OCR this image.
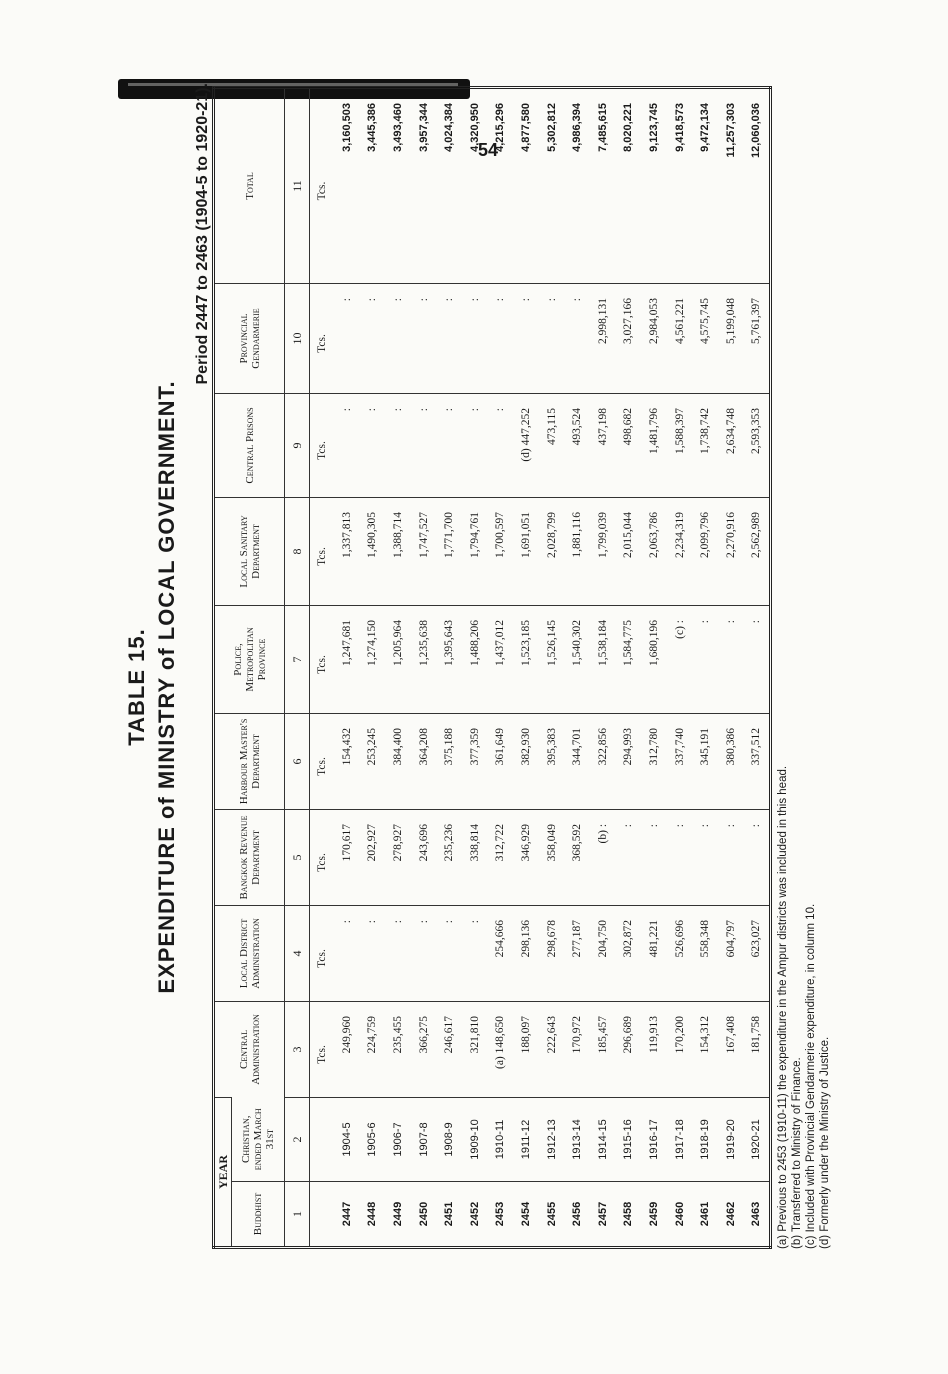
54
TABLE 15. EXPENDITURE of MINISTRY of LOCAL GOVERNMENT.
Period 2447 to 2463 (1904-5 to 1920-21).
YEAR		Central Administration	Local District Administration	Bangkok Revenue Department	Harbour Master's Department	Police, Metropolitan Province	Local Sanitary Department	Central Prisons	Provincial Gendarmerie	Total
Buddhist	Christian, ended March 31st									
1	2	3	4	5	6	7	8	9	10	11
		Tcs.	Tcs.	Tcs.	Tcs.	Tcs.	Tcs.	Tcs.	Tcs.	Tcs.
2447	1904-5	249,960	:	170,617	154,432	1,247,681	1,337,813	:	:	3,160,503
2448	1905-6	224,759	:	202,927	253,245	1,274,150	1,490,305	:	:	3,445,386
2449	1906-7	235,455	:	278,927	384,400	1,205,964	1,388,714	:	:	3,493,460
2450	1907-8	366,275	:	243,696	364,208	1,235,638	1,747,527	:	:	3,957,344
2451	1908-9	246,617	:	235,236	375,188	1,395,643	1,771,700	:	:	4,024,384
2452	1909-10	321,810	:	338,814	377,359	1,488,206	1,794,761	:	:	4,320,950
2453	1910-11	(a) 148,650	254,666	312,722	361,649	1,437,012	1,700,597	:	:	4,215,296
2454	1911-12	188,097	298,136	346,929	382,930	1,523,185	1,691,051	(d) 447,252	:	4,877,580
2455	1912-13	222,643	298,678	358,049	395,383	1,526,145	2,028,799	473,115	:	5,302,812
2456	1913-14	170,972	277,187	368,592	344,701	1,540,302	1,881,116	493,524	:	4,986,394
2457	1914-15	185,457	204,750	(b) :	322,856	1,538,184	1,799,039	437,198	2,998,131	7,485,615
2458	1915-16	296,689	302,872	:	294,993	1,584,775	2,015,044	498,682	3,027,166	8,020,221
2459	1916-17	119,913	481,221	:	312,780	1,680,196	2,063,786	1,481,796	2,984,053	9,123,745
2460	1917-18	170,200	526,696	:	337,740	(c) :	2,234,319	1,588,397	4,561,221	9,418,573
2461	1918-19	154,312	558,348	:	345,191	:	2,099,796	1,738,742	4,575,745	9,472,134
2462	1919-20	167,408	604,797	:	380,386	:	2,270,916	2,634,748	5,199,048	11,257,303
2463	1920-21	181,758	623,027	:	337,512	:	2,562,989	2,593,353	5,761,397	12,060,036
(a) Previous to 2453 (1910-11) the expenditure in the Ampur districts was included in this head. (b) Transferred to Ministry of Finance. (c) Included with Provincial Gendarmerie expenditure, in column 10. (d) Formerly under the Ministry of Justice.
